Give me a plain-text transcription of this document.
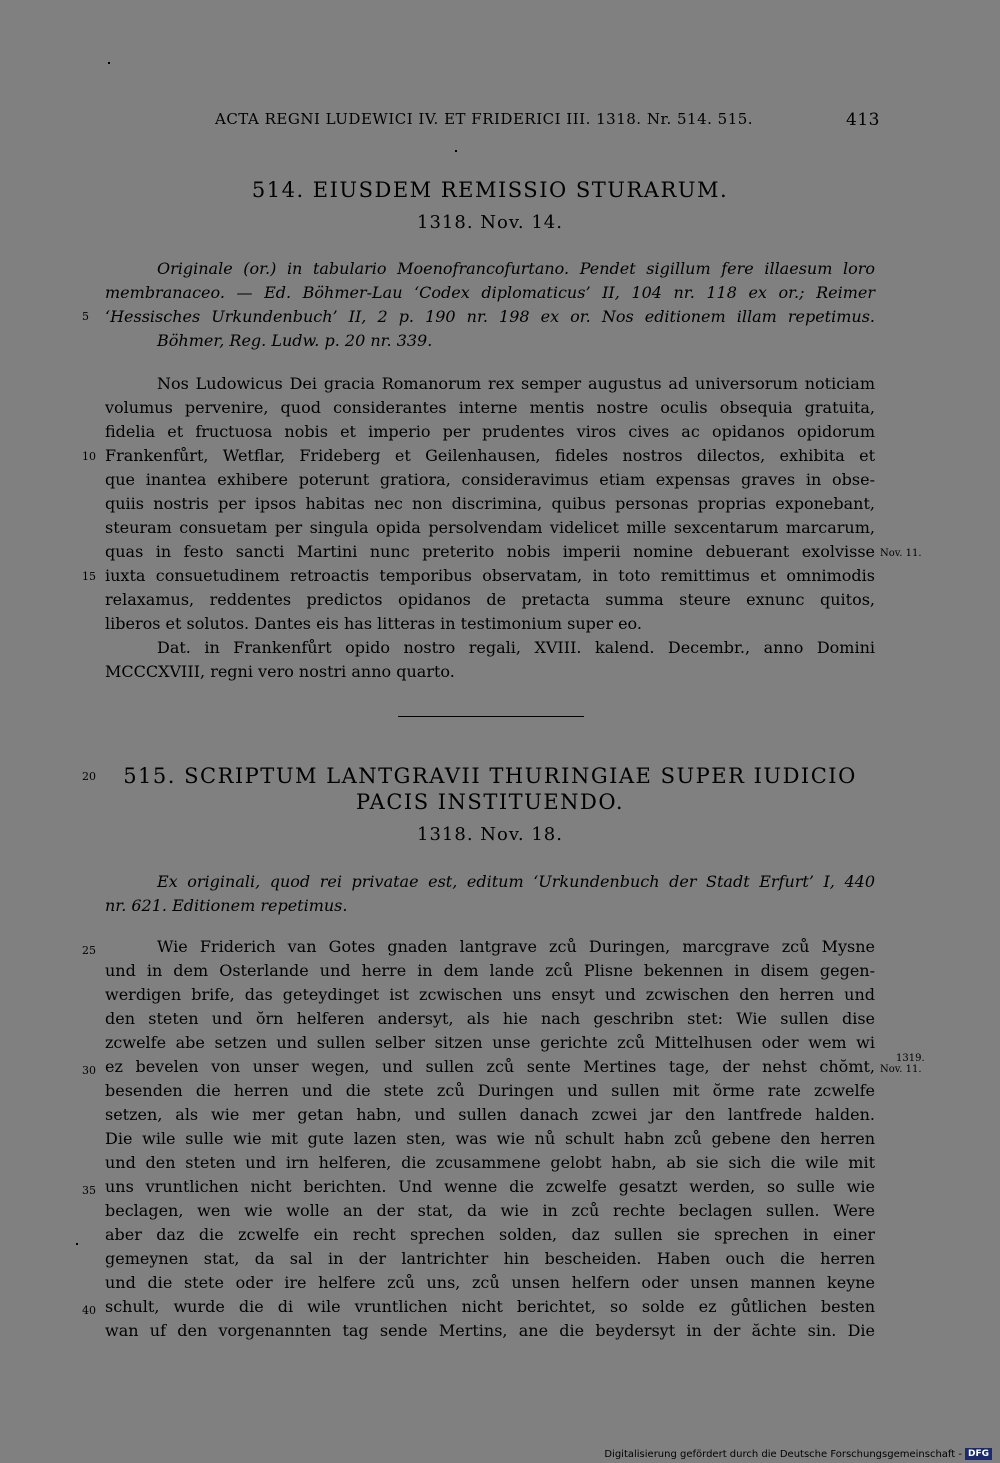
ACTA REGNI LUDEWICI IV. ET FRIDERICI III. 1318. Nr. 514. 515.	413
514. EIUSDEM REMISSIO STURARUM.
1318. Nov. 14.
Originale (or.) in tabulario Moenofrancofurtano. Pendet sigillum fere illaesum loro
membranaceo. — Ed. Böhmer-Lau ‘Codex diplomaticus’ II, 104 nr. 118 ex or.; Reimer
‘Hessisches Urkundenbuch’ II, 2 p. 190 nr. 198 ex or. Nos editionem illam repetimus.
Böhmer, Reg. Ludw. p. 20 nr. 339.
5
Nos Ludowicus Dei gracia Romanorum rex semper augustus ad universorum noticiam
volumus pervenire, quod considerantes interne mentis nostre oculis obsequia gratuita,
fidelia et fructuosa nobis et imperio per prudentes viros cives ac opidanos opidorum
Frankenfůrt, Wetflar, Frideberg et Geilenhausen, fideles nostros dilectos, exhibita et
que inantea exhibere poterunt gratiora, consideravimus etiam expensas graves in obse-
quiis nostris per ipsos habitas nec non discrimina, quibus personas proprias exponebant,
steuram consuetam per singula opida persolvendam videlicet mille sexcentarum marcarum,
quas in festo sancti Martini nunc preterito nobis imperii nomine debuerant exolvisse
iuxta consuetudinem retroactis temporibus observatam, in toto remittimus et omnimodis
relaxamus, reddentes predictos opidanos de pretacta summa steure exnunc quitos,
liberos et solutos. Dantes eis has litteras in testimonium super eo.
Dat. in Frankenfůrt opido nostro regali, XVIII. kalend. Decembr., anno Domini
MCCCXVIII, regni vero nostri anno quarto.
10
15
Nov. 11.
20	515. SCRIPTUM LANTGRAVII THURINGIAE SUPER IUDICIO
PACIS INSTITUENDO.
1318. Nov. 18.
Ex originali, quod rei privatae est, editum ‘Urkundenbuch der Stadt Erfurt’ I, 440
nr. 621. Editionem repetimus.
Wie Friderich van Gotes gnaden lantgrave zců Duringen, marcgrave zců Mysne
und in dem Osterlande und herre in dem lande zců Plisne bekennen in disem gegen-
werdigen brife, das geteydinget ist zcwischen uns ensyt und zcwischen den herren und
den steten und ŏrn helferen andersyt, als hie nach geschribn stet: Wie sullen dise
zcwelfe abe setzen und sullen selber sitzen unse gerichte zců Mittelhusen oder wem wi
ez bevelen von unser wegen, und sullen zců sente Mertines tage, der nehst chŏmt,
besenden die herren und die stete zců Duringen und sullen mit ŏrme rate zcwelfe
setzen, als wie mer getan habn, und sullen danach zcwei jar den lantfrede halden.
Die wile sulle wie mit gute lazen sten, was wie nů schult habn zců gebene den herren
und den steten und irn helferen, die zcusammene gelobt habn, ab sie sich die wile mit
uns vruntlichen nicht berichten. Und wenne die zcwelfe gesatzt werden, so sulle wie
beclagen, wen wie wolle an der stat, da wie in zců rechte beclagen sullen. Were
aber daz die zcwelfe ein recht sprechen solden, daz sullen sie sprechen in einer
gemeynen stat, da sal in der lantrichter hin bescheiden. Haben ouch die herren
und die stete oder ire helfere zců uns, zců unsen helfern oder unsen mannen keyne
schult, wurde die di wile vruntlichen nicht berichtet, so solde ez gůtlichen besten
wan uf den vorgenannten tag sende Mertins, ane die beydersyt in der ăchte sin. Die
25
30
35
40
1319.
Nov. 11.
Digitalisierung gefördert durch die Deutsche Forschungsgemeinschaft - DFG
